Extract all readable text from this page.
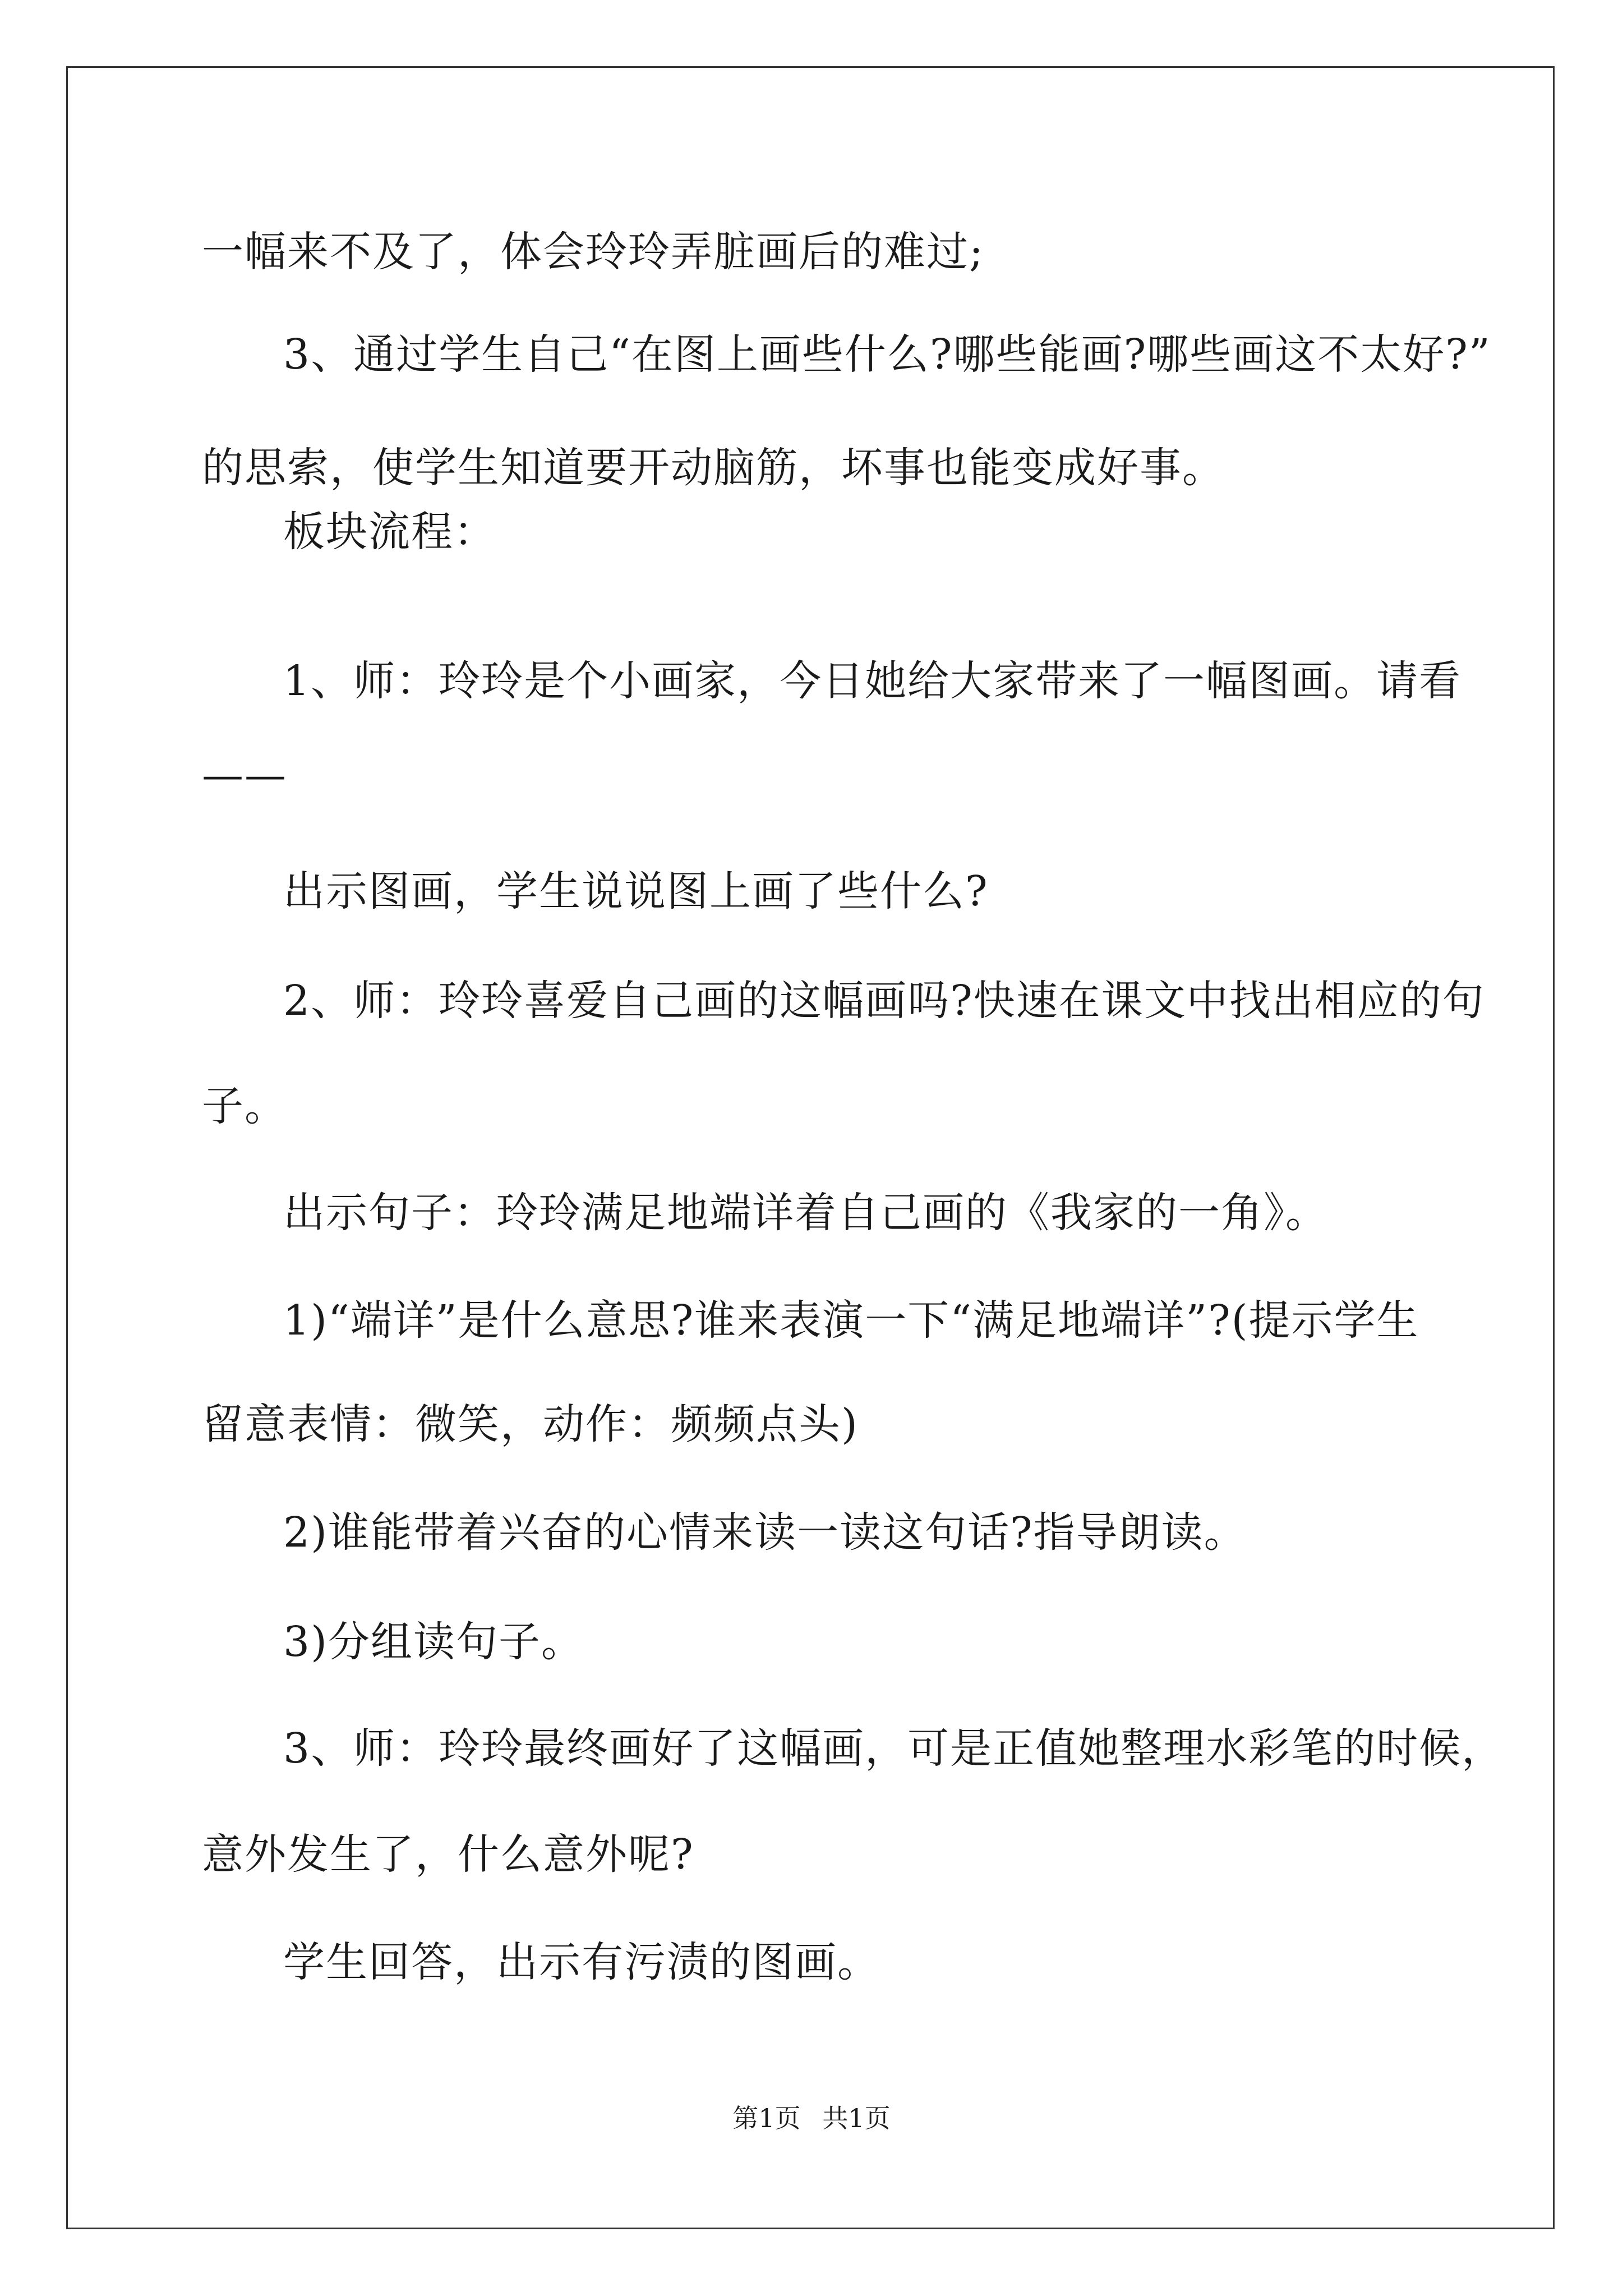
一幅来不及了，体会玲玲弄脏画后的难过;
3、通过学生自己“在图上画些什么?哪些能画?哪些画这不太好?”
的思索，使学生知道要开动脑筋，坏事也能变成好事。
板块流程：
1、师：玲玲是个小画家，今日她给大家带来了一幅图画。请看
——
出示图画，学生说说图上画了些什么?
2、师：玲玲喜爱自己画的这幅画吗?快速在课文中找出相应的句
子。
出示句子：玲玲满足地端详着自己画的《我家的一角》。
1)“端详”是什么意思?谁来表演一下“满足地端详”?(提示学生
留意表情：微笑，动作：频频点头)
2)谁能带着兴奋的心情来读一读这句话?指导朗读。
3)分组读句子。
3、师：玲玲最终画好了这幅画，可是正值她整理水彩笔的时候，
意外发生了，什么意外呢?
学生回答，出示有污渍的图画。
第1页 共1页
